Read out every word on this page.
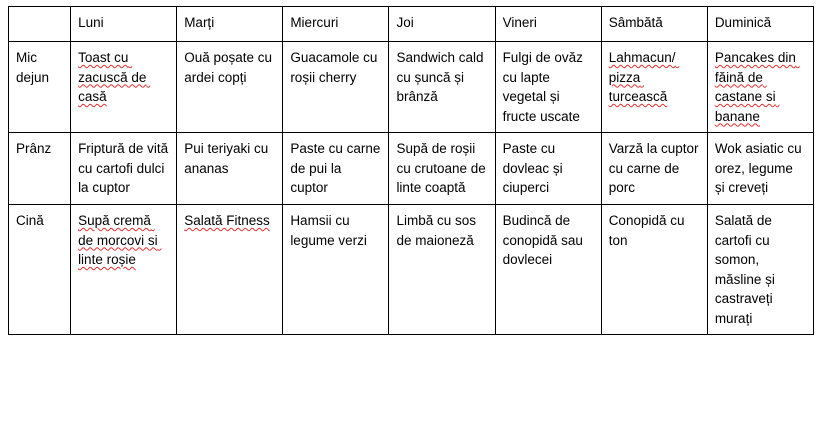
	Luni	Marți	Miercuri	Joi	Vineri	Sâmbătă	Duminică
Mic dejun	Toast cu zacuscă de casă	Ouă poșate cu ardei copți	Guacamole cu roșii cherry	Sandwich cald cu șuncă și brânză	Fulgi de ovăz cu lapte vegetal și fructe uscate	Lahmacun/ pizza turcească	Pancakes din făină de castane si banane

Prânz	Friptură de vită cu cartofi dulci la cuptor	Pui teriyaki cu ananas	Paste cu carne de pui la cuptor	Supă de roșii cu crutoane de linte coaptă	Paste cu dovleac și ciuperci	Varză la cuptor cu carne de porc	Wok asiatic cu orez, legume și creveți

Cină	Supă cremă de morcovi si linte roșie	Salată Fitness	Hamsii cu legume verzi	Limbă cu sos de maioneză	Budincă de conopidă sau dovlecei	Conopidă cu ton	Salată de cartofi cu somon, măsline și castraveți murați
